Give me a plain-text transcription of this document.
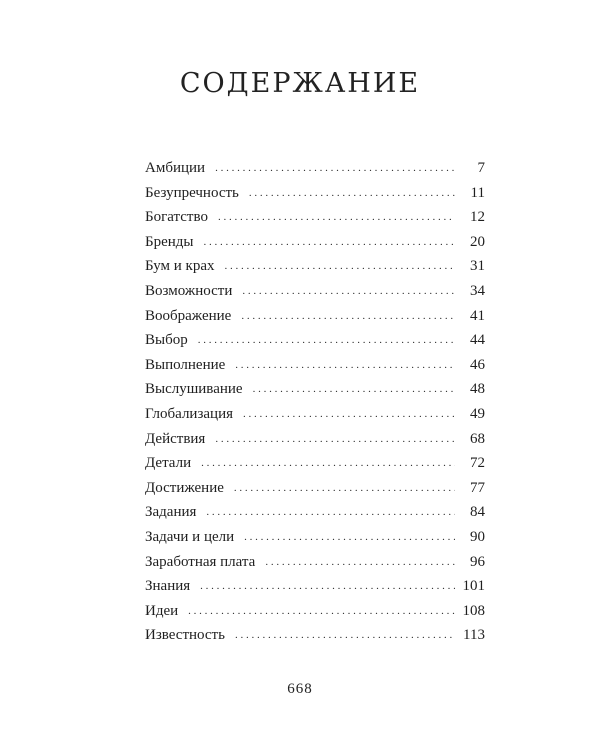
СОДЕРЖАНИЕ
Амбиции . . .	7
Безупречность . . .	11
Богатство . . .	12
Бренды . . .	20
Бум и крах . . .	31
Возможности . . .	34
Воображение . . .	41
Выбор . . .	44
Выполнение . . .	46
Выслушивание . . .	48
Глобализация . . .	49
Действия . . .	68
Детали . . .	72
Достижение . . .	77
Задания . . .	84
Задачи и цели . . .	90
Заработная плата . . .	96
Знания . . .	101
Идеи . . .	108
Известность . . .	113
668
